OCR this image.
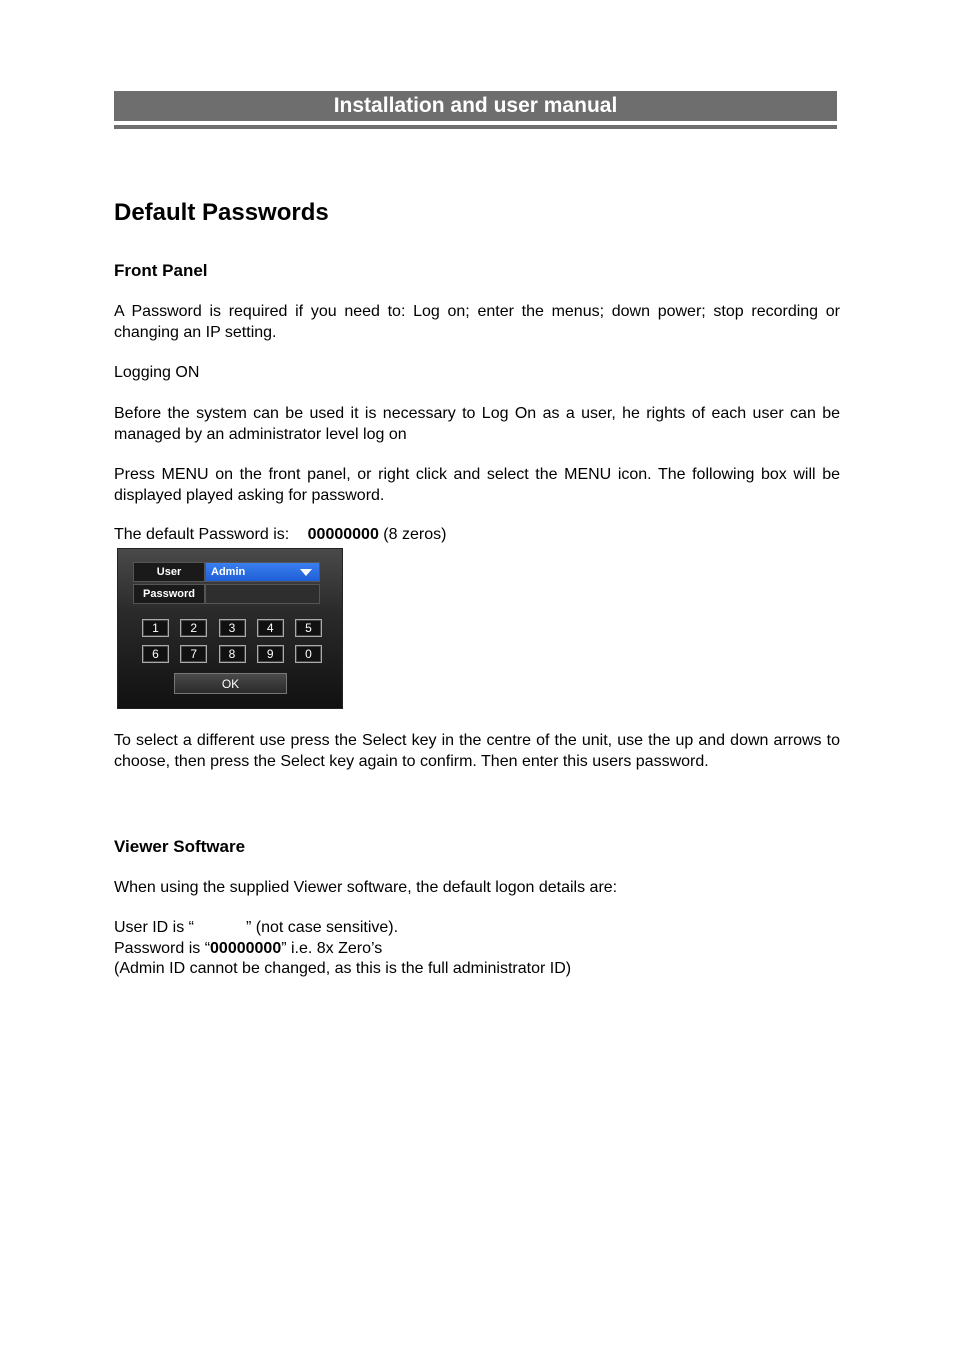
Installation and user manual
Default Passwords
Front Panel
A Password is required if you need to: Log on; enter the menus; down power; stop recording or changing an IP setting.
Logging ON
Before the system can be used it is necessary to Log On as a user, he rights of each user can be managed by an administrator level log on
Press MENU on the front panel, or right click and select the MENU icon. The following box will be displayed played asking for password.
The default Password is: 00000000 (8 zeros)
To select a different use press the Select key in the centre of the unit, use the up and down arrows to choose, then press the Select key again to confirm. Then enter this users password.
Viewer Software
When using the supplied Viewer software, the default logon details are:
User ID is “	” (not case sensitive).
Password is “00000000” i.e. 8x Zero’s
(Admin ID cannot be changed, as this is the full administrator ID)
User	Admin
Password
1	2	3	4	5
6	7	8	9	0
OK
